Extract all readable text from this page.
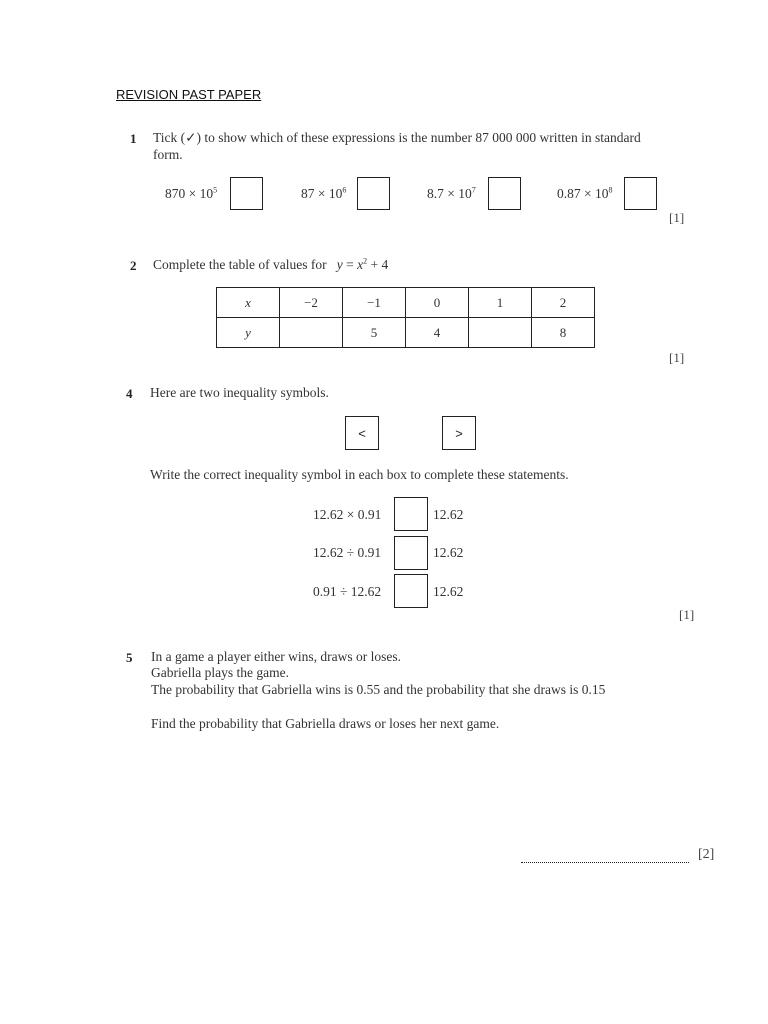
REVISION PAST PAPER
1 Tick (✓) to show which of these expressions is the number 87 000 000 written in standard
form.
$870 \times 10^5$	$87 \times 10^6$	$8.7 \times 10^7$	$0.87 \times 10^8$
[1]
2 Complete the table of values for $y = x^2 + 4$
x	−2	−1	0	1	2
y		5	4		8
[1]
4 Here are two inequality symbols.
<	>
Write the correct inequality symbol in each box to complete these statements.
12.62 × 0.91	12.62
12.62 ÷ 0.91	12.62
0.91 ÷ 12.62	12.62
[1]
5 In a game a player either wins, draws or loses.
Gabriella plays the game.
The probability that Gabriella wins is 0.55 and the probability that she draws is 0.15
Find the probability that Gabriella draws or loses her next game.
[2]
